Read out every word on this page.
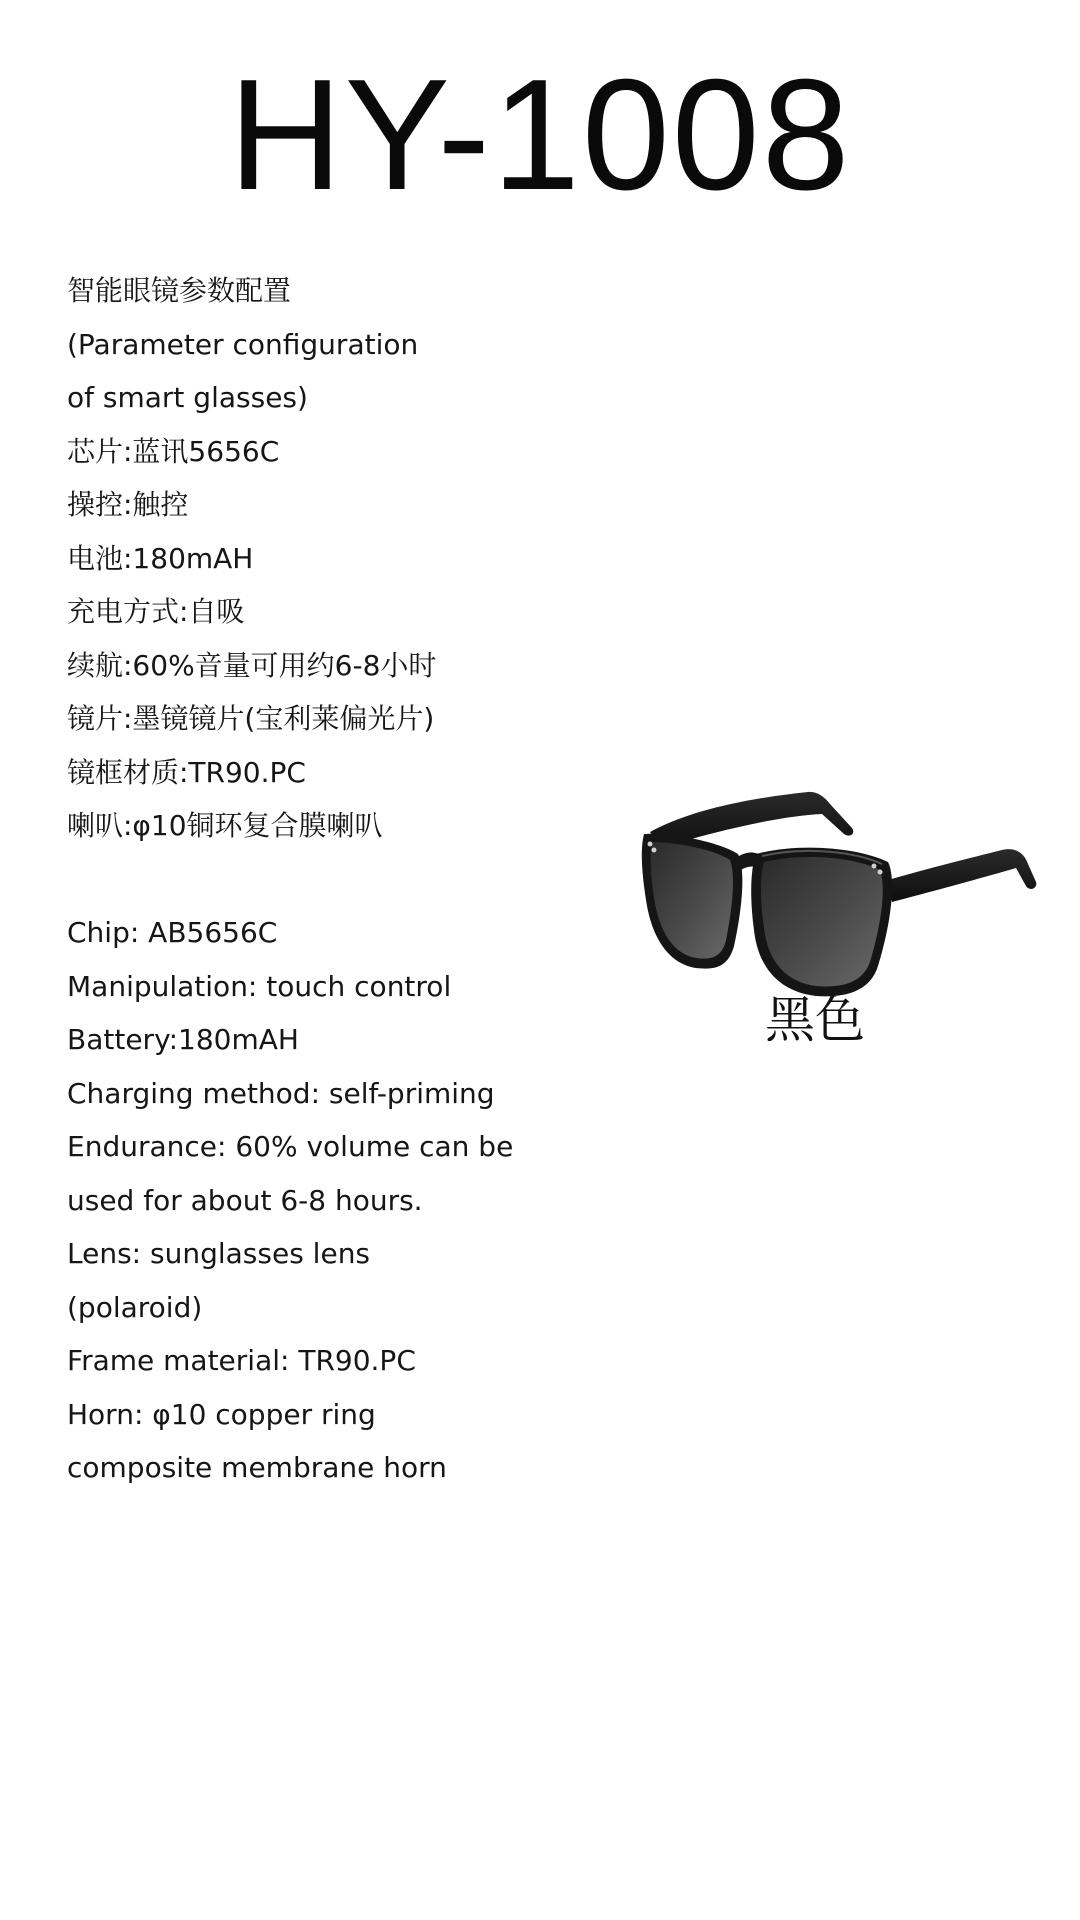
HY-1008
智能眼镜参数配置
(Parameter configuration
of smart glasses)
芯片:蓝讯5656C
操控:触控
电池:180mAH
充电方式:自吸
续航:60%音量可用约6-8小时
镜片:墨镜镜片(宝利莱偏光片)
镜框材质:TR90.PC
喇叭:φ10铜环复合膜喇叭
Chip: AB5656C
Manipulation: touch control
Battery:180mAH
Charging method: self-priming
Endurance: 60% volume can be
used for about 6-8 hours.
Lens: sunglasses lens
(polaroid)
Frame material: TR90.PC
Horn: φ10 copper ring
composite membrane horn
黑色
